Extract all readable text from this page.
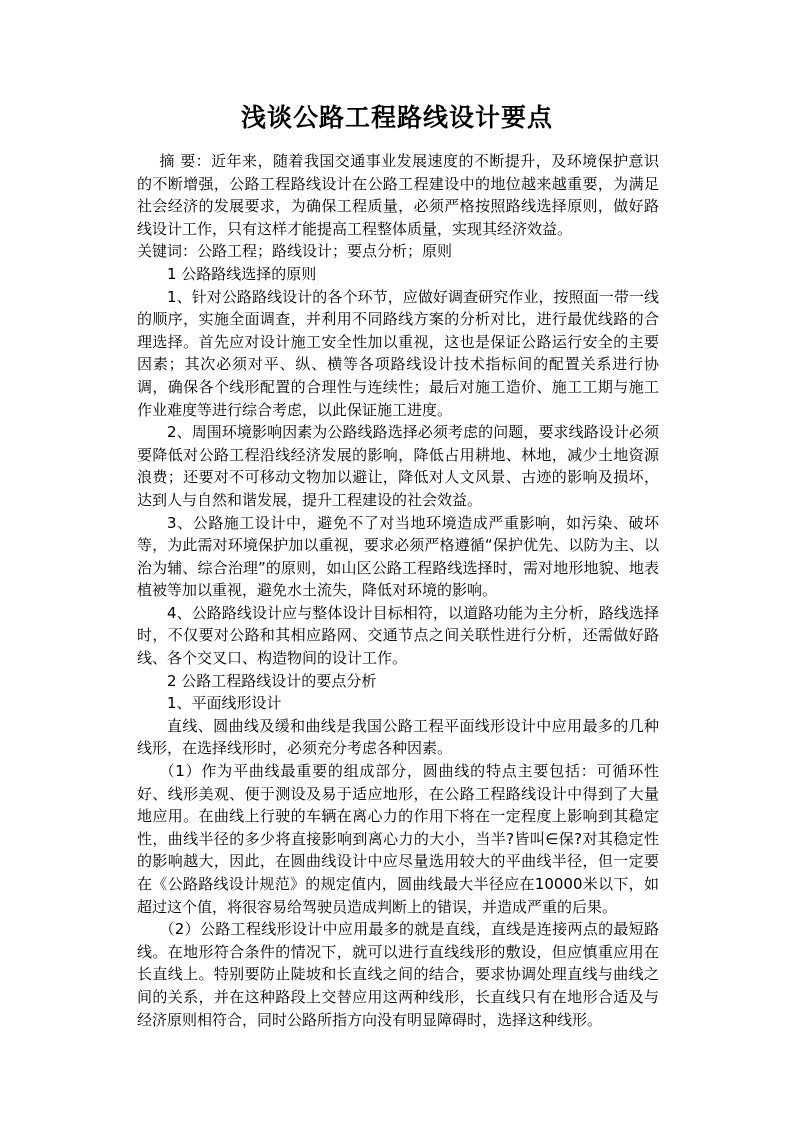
浅谈公路工程路线设计要点

摘 要：近年来，随着我国交通事业发展速度的不断提升，及环境保护意识的不断增强，公路工程路线设计在公路工程建设中的地位越来越重要，为满足社会经济的发展要求，为确保工程质量，必须严格按照路线选择原则，做好路线设计工作，只有这样才能提高工程整体质量，实现其经济效益。

关键词：公路工程；路线设计；要点分析；原则

1 公路路线选择的原则

1、针对公路路线设计的各个环节，应做好调查研究作业，按照面一带一线的顺序，实施全面调查，并利用不同路线方案的分析对比，进行最优线路的合理选择。首先应对设计施工安全性加以重视，这也是保证公路运行安全的主要因素；其次必须对平、纵、横等各项路线设计技术指标间的配置关系进行协调，确保各个线形配置的合理性与连续性；最后对施工造价、施工工期与施工作业难度等进行综合考虑，以此保证施工进度。

2、周围环境影响因素为公路线路选择必须考虑的问题，要求线路设计必须要降低对公路工程沿线经济发展的影响，降低占用耕地、林地，减少土地资源浪费；还要对不可移动文物加以避让，降低对人文风景、古迹的影响及损坏，达到人与自然和谐发展，提升工程建设的社会效益。

3、公路施工设计中，避免不了对当地环境造成严重影响，如污染、破坏等，为此需对环境保护加以重视，要求必须严格遵循“保护优先、以防为主、以治为辅、综合治理”的原则，如山区公路工程路线选择时，需对地形地貌、地表植被等加以重视，避免水土流失，降低对环境的影响。

4、公路路线设计应与整体设计目标相符，以道路功能为主分析，路线选择时，不仅要对公路和其相应路网、交通节点之间关联性进行分析，还需做好路线、各个交叉口、构造物间的设计工作。

2 公路工程路线设计的要点分析

1、平面线形设计

直线、圆曲线及缓和曲线是我国公路工程平面线形设计中应用最多的几种线形，在选择线形时，必须充分考虑各种因素。

（1）作为平曲线最重要的组成部分，圆曲线的特点主要包括：可循环性好、线形美观、便于测设及易于适应地形，在公路工程路线设计中得到了大量地应用。在曲线上行驶的车辆在离心力的作用下将在一定程度上影响到其稳定性，曲线半径的多少将直接影响到离心力的大小，当半?皆叫∈保?对其稳定性的影响越大，因此，在圆曲线设计中应尽量选用较大的平曲线半径，但一定要在《公路路线设计规范》的规定值内，圆曲线最大半径应在10000米以下，如超过这个值，将很容易给驾驶员造成判断上的错误，并造成严重的后果。

（2）公路工程线形设计中应用最多的就是直线，直线是连接两点的最短路线。在地形符合条件的情况下，就可以进行直线线形的敷设，但应慎重应用在长直线上。特别要防止陡坡和长直线之间的结合，要求协调处理直线与曲线之间的关系，并在这种路段上交替应用这两种线形，长直线只有在地形合适及与经济原则相符合，同时公路所指方向没有明显障碍时，选择这种线形。
